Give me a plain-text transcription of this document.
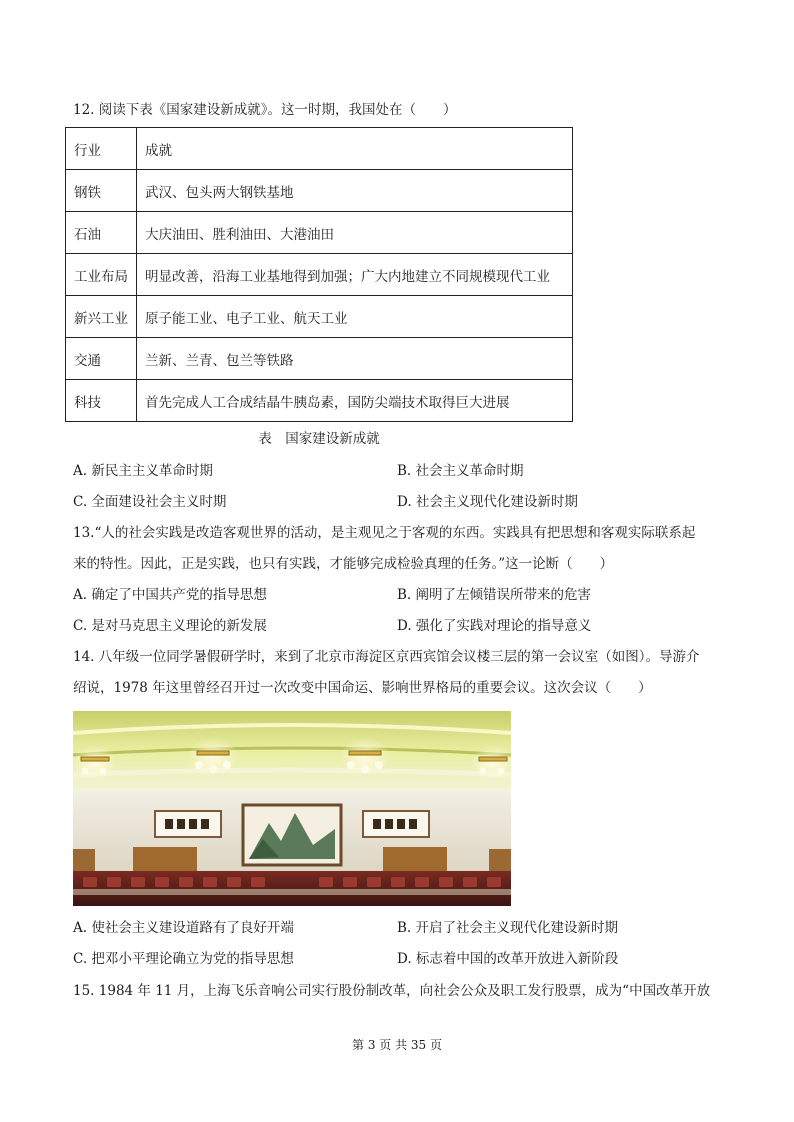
12. 阅读下表《国家建设新成就》。这一时期，我国处在（　　）
行业	成就
钢铁	武汉、包头两大钢铁基地
石油	大庆油田、胜利油田、大港油田
工业布局	明显改善，沿海工业基地得到加强；广大内地建立不同规模现代工业
新兴工业	原子能工业、电子工业、航天工业
交通	兰新、兰青、包兰等铁路
科技	首先完成人工合成结晶牛胰岛素，国防尖端技术取得巨大进展
表　国家建设新成就
A. 新民主主义革命时期	B. 社会主义革命时期
C. 全面建设社会主义时期	D. 社会主义现代化建设新时期
13.“人的社会实践是改造客观世界的活动，是主观见之于客观的东西。实践具有把思想和客观实际联系起
来的特性。因此，正是实践，也只有实践，才能够完成检验真理的任务。”这一论断（　　）
A. 确定了中国共产党的指导思想	B. 阐明了左倾错误所带来的危害
C. 是对马克思主义理论的新发展	D. 强化了实践对理论的指导意义
14. 八年级一位同学暑假研学时，来到了北京市海淀区京西宾馆会议楼三层的第一会议室（如图）。导游介
绍说，1978 年这里曾经召开过一次改变中国命运、影响世界格局的重要会议。这次会议（　　）
A. 使社会主义建设道路有了良好开端	B. 开启了社会主义现代化建设新时期
C. 把邓小平理论确立为党的指导思想	D. 标志着中国的改革开放进入新阶段
15. 1984 年 11 月，上海飞乐音响公司实行股份制改革，向社会公众及职工发行股票，成为“中国改革开放
第 3 页 共 35 页
